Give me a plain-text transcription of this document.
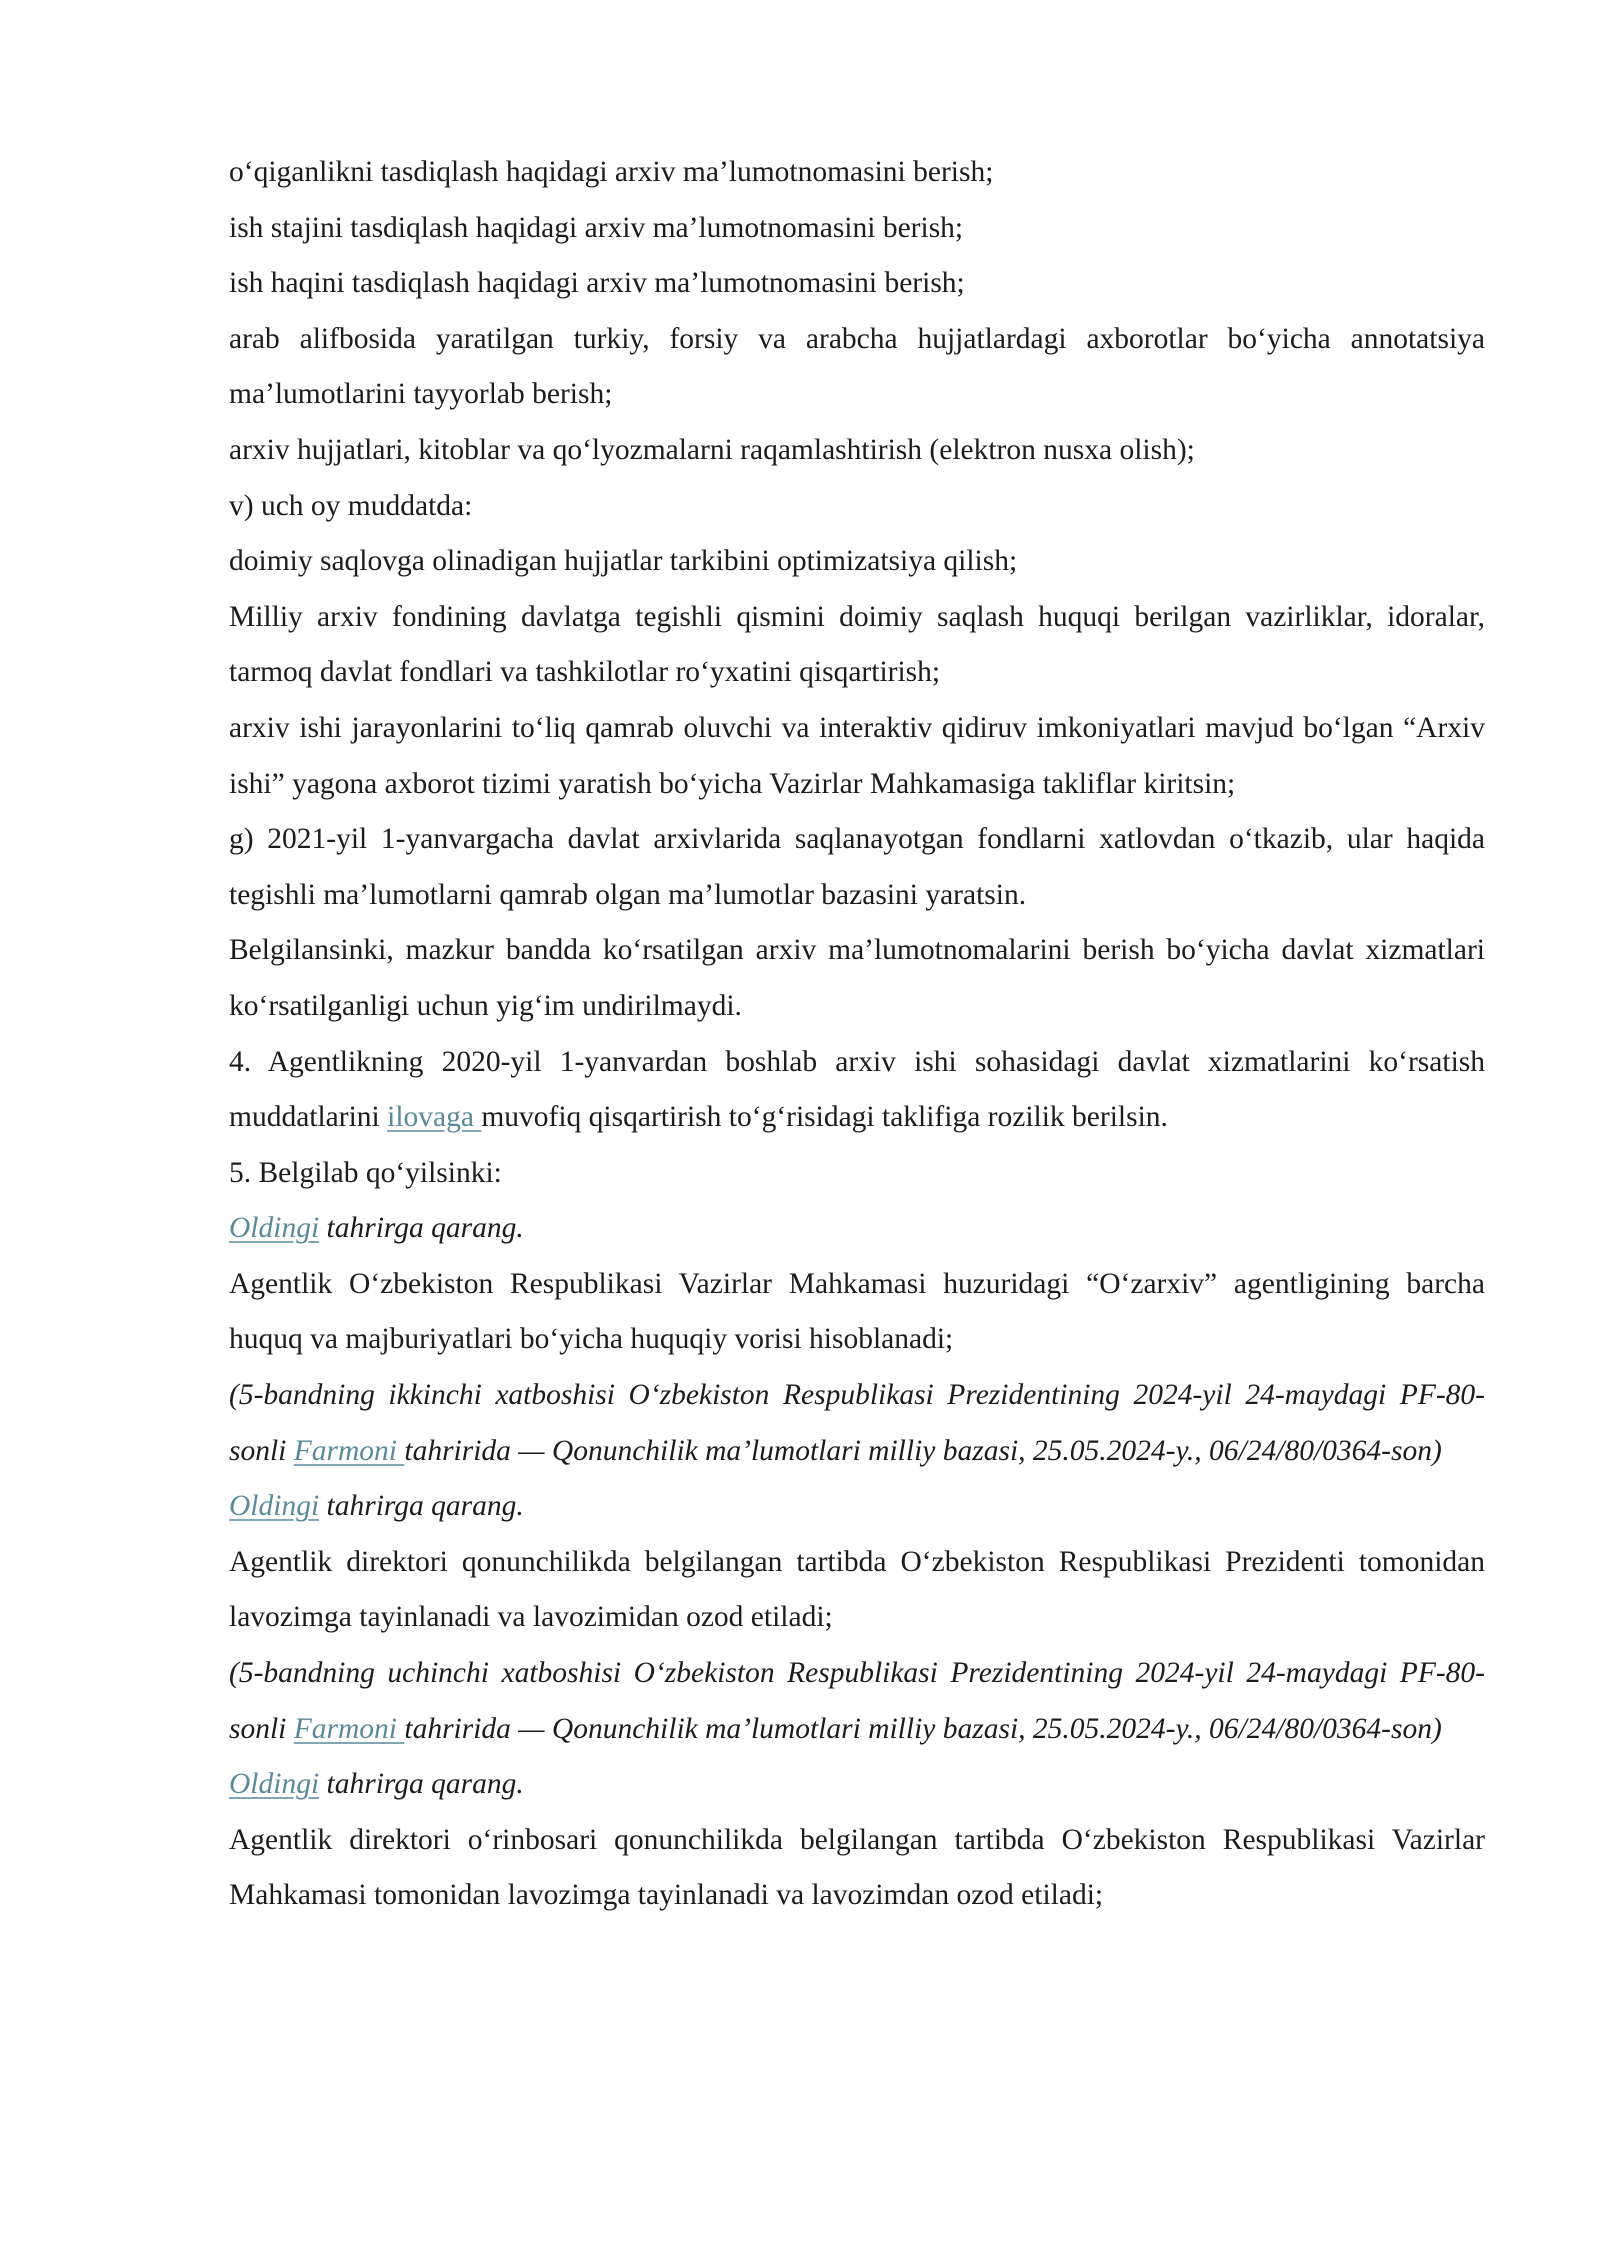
o‘qiganlikni tasdiqlash haqidagi arxiv ma’lumotnomasini berish;

ish stajini tasdiqlash haqidagi arxiv ma’lumotnomasini berish;

ish haqini tasdiqlash haqidagi arxiv ma’lumotnomasini berish;

arab alifbosida yaratilgan turkiy, forsiy va arabcha hujjatlardagi axborotlar bo‘yicha annotatsiya ma’lumotlarini tayyorlab berish;

arxiv hujjatlari, kitoblar va qo‘lyozmalarni raqamlashtirish (elektron nusxa olish);

v) uch oy muddatda:

doimiy saqlovga olinadigan hujjatlar tarkibini optimizatsiya qilish;

Milliy arxiv fondining davlatga tegishli qismini doimiy saqlash huquqi berilgan vazirliklar, idoralar, tarmoq davlat fondlari va tashkilotlar ro‘yxatini qisqartirish;

arxiv ishi jarayonlarini to‘liq qamrab oluvchi va interaktiv qidiruv imkoniyatlari mavjud bo‘lgan “Arxiv ishi” yagona axborot tizimi yaratish bo‘yicha Vazirlar Mahkamasiga takliflar kiritsin;

g) 2021-yil 1-yanvargacha davlat arxivlarida saqlanayotgan fondlarni xatlovdan o‘tkazib, ular haqida tegishli ma’lumotlarni qamrab olgan ma’lumotlar bazasini yaratsin.

Belgilansinki, mazkur bandda ko‘rsatilgan arxiv ma’lumotnomalarini berish bo‘yicha davlat xizmatlari ko‘rsatilganligi uchun yig‘im undirilmaydi.

4. Agentlikning 2020-yil 1-yanvardan boshlab arxiv ishi sohasidagi davlat xizmatlarini ko‘rsatish muddatlarini ilovaga muvofiq qisqartirish to‘g‘risidagi taklifiga rozilik berilsin.

5. Belgilab qo‘yilsinki:

Oldingi tahrirga qarang.

Agentlik O‘zbekiston Respublikasi Vazirlar Mahkamasi huzuridagi “O‘zarxiv” agentligining barcha huquq va majburiyatlari bo‘yicha huquqiy vorisi hisoblanadi;

(5-bandning ikkinchi xatboshisi O‘zbekiston Respublikasi Prezidentining 2024-yil 24-maydagi PF-80-sonli Farmoni tahririda — Qonunchilik ma’lumotlari milliy bazasi, 25.05.2024-y., 06/24/80/0364-son)

Oldingi tahrirga qarang.

Agentlik direktori qonunchilikda belgilangan tartibda O‘zbekiston Respublikasi Prezidenti tomonidan lavozimga tayinlanadi va lavozimidan ozod etiladi;

(5-bandning uchinchi xatboshisi O‘zbekiston Respublikasi Prezidentining 2024-yil 24-maydagi PF-80-sonli Farmoni tahririda — Qonunchilik ma’lumotlari milliy bazasi, 25.05.2024-y., 06/24/80/0364-son)

Oldingi tahrirga qarang.

Agentlik direktori o‘rinbosari qonunchilikda belgilangan tartibda O‘zbekiston Respublikasi Vazirlar Mahkamasi tomonidan lavozimga tayinlanadi va lavozimdan ozod etiladi;
